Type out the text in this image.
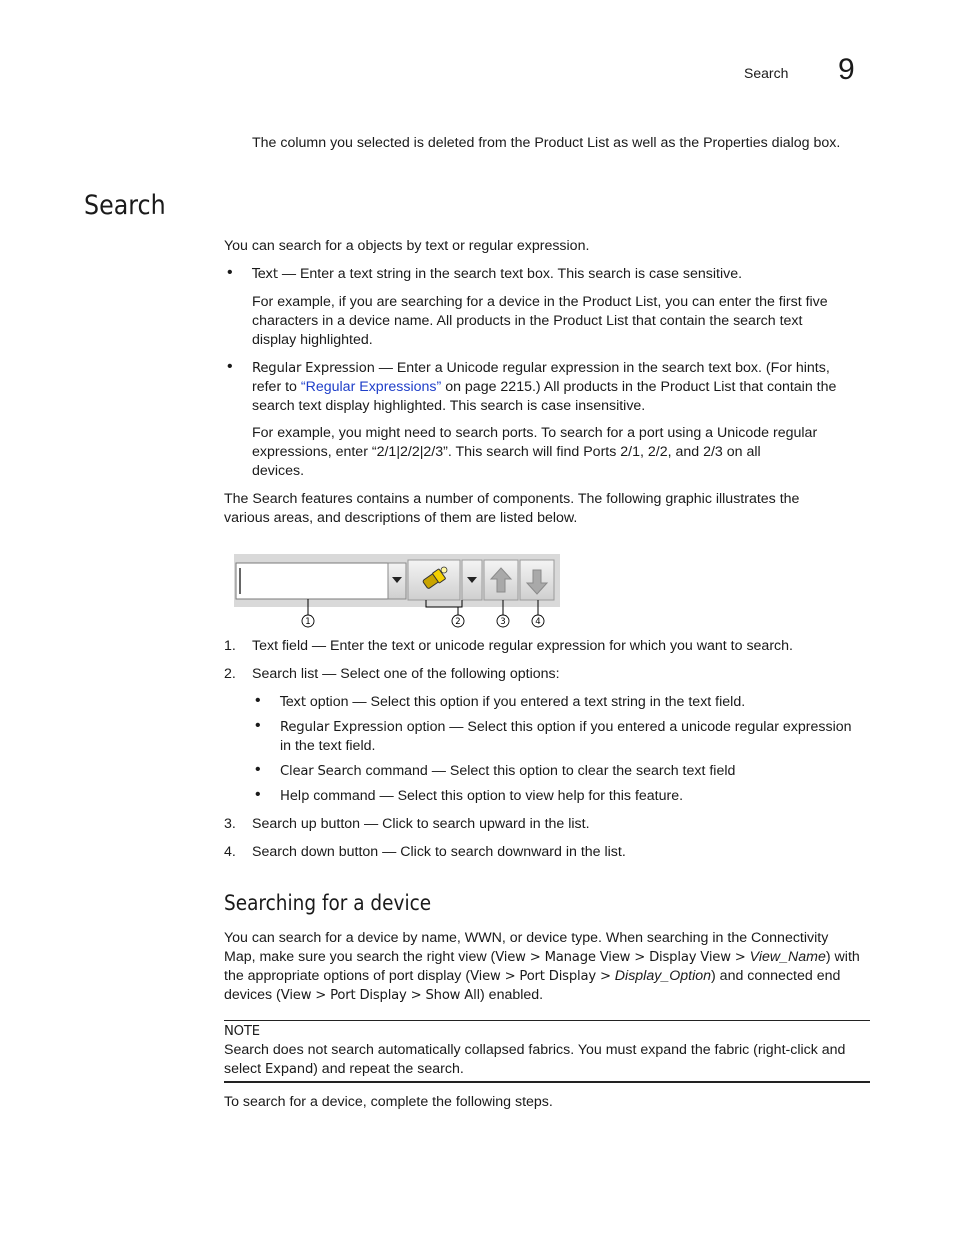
Search 9
The column you selected is deleted from the Product List as well as the Properties dialog box.
Search
You can search for a objects by text or regular expression.
• Text — Enter a text string in the search text box. This search is case sensitive.
For example, if you are searching for a device in the Product List, you can enter the first five
characters in a device name. All products in the Product List that contain the search text
display highlighted.
• Regular Expression — Enter a Unicode regular expression in the search text box. (For hints,
refer to “Regular Expressions” on page 2215.) All products in the Product List that contain the
search text display highlighted. This search is case insensitive.
For example, you might need to search ports. To search for a port using a Unicode regular
expressions, enter “2/1|2/2|2/3”. This search will find Ports 2/1, 2/2, and 2/3 on all
devices.
The Search features contains a number of components. The following graphic illustrates the
various areas, and descriptions of them are listed below.
1	2	3	4
1.	Text field — Enter the text or unicode regular expression for which you want to search.
2.	Search list — Select one of the following options:
• Text option — Select this option if you entered a text string in the text field.
• Regular Expression option — Select this option if you entered a unicode regular expression
in the text field.
• Clear Search command — Select this option to clear the search text field
• Help command — Select this option to view help for this feature.
3.	Search up button — Click to search upward in the list.
4.	Search down button — Click to search downward in the list.
Searching for a device
You can search for a device by name, WWN, or device type. When searching in the Connectivity
Map, make sure you search the right view (View > Manage View > Display View > View_Name) with
the appropriate options of port display (View > Port Display > Display_Option) and connected end
devices (View > Port Display > Show All) enabled.
NOTE
Search does not search automatically collapsed fabrics. You must expand the fabric (right-click and
select Expand) and repeat the search.
To search for a device, complete the following steps.
